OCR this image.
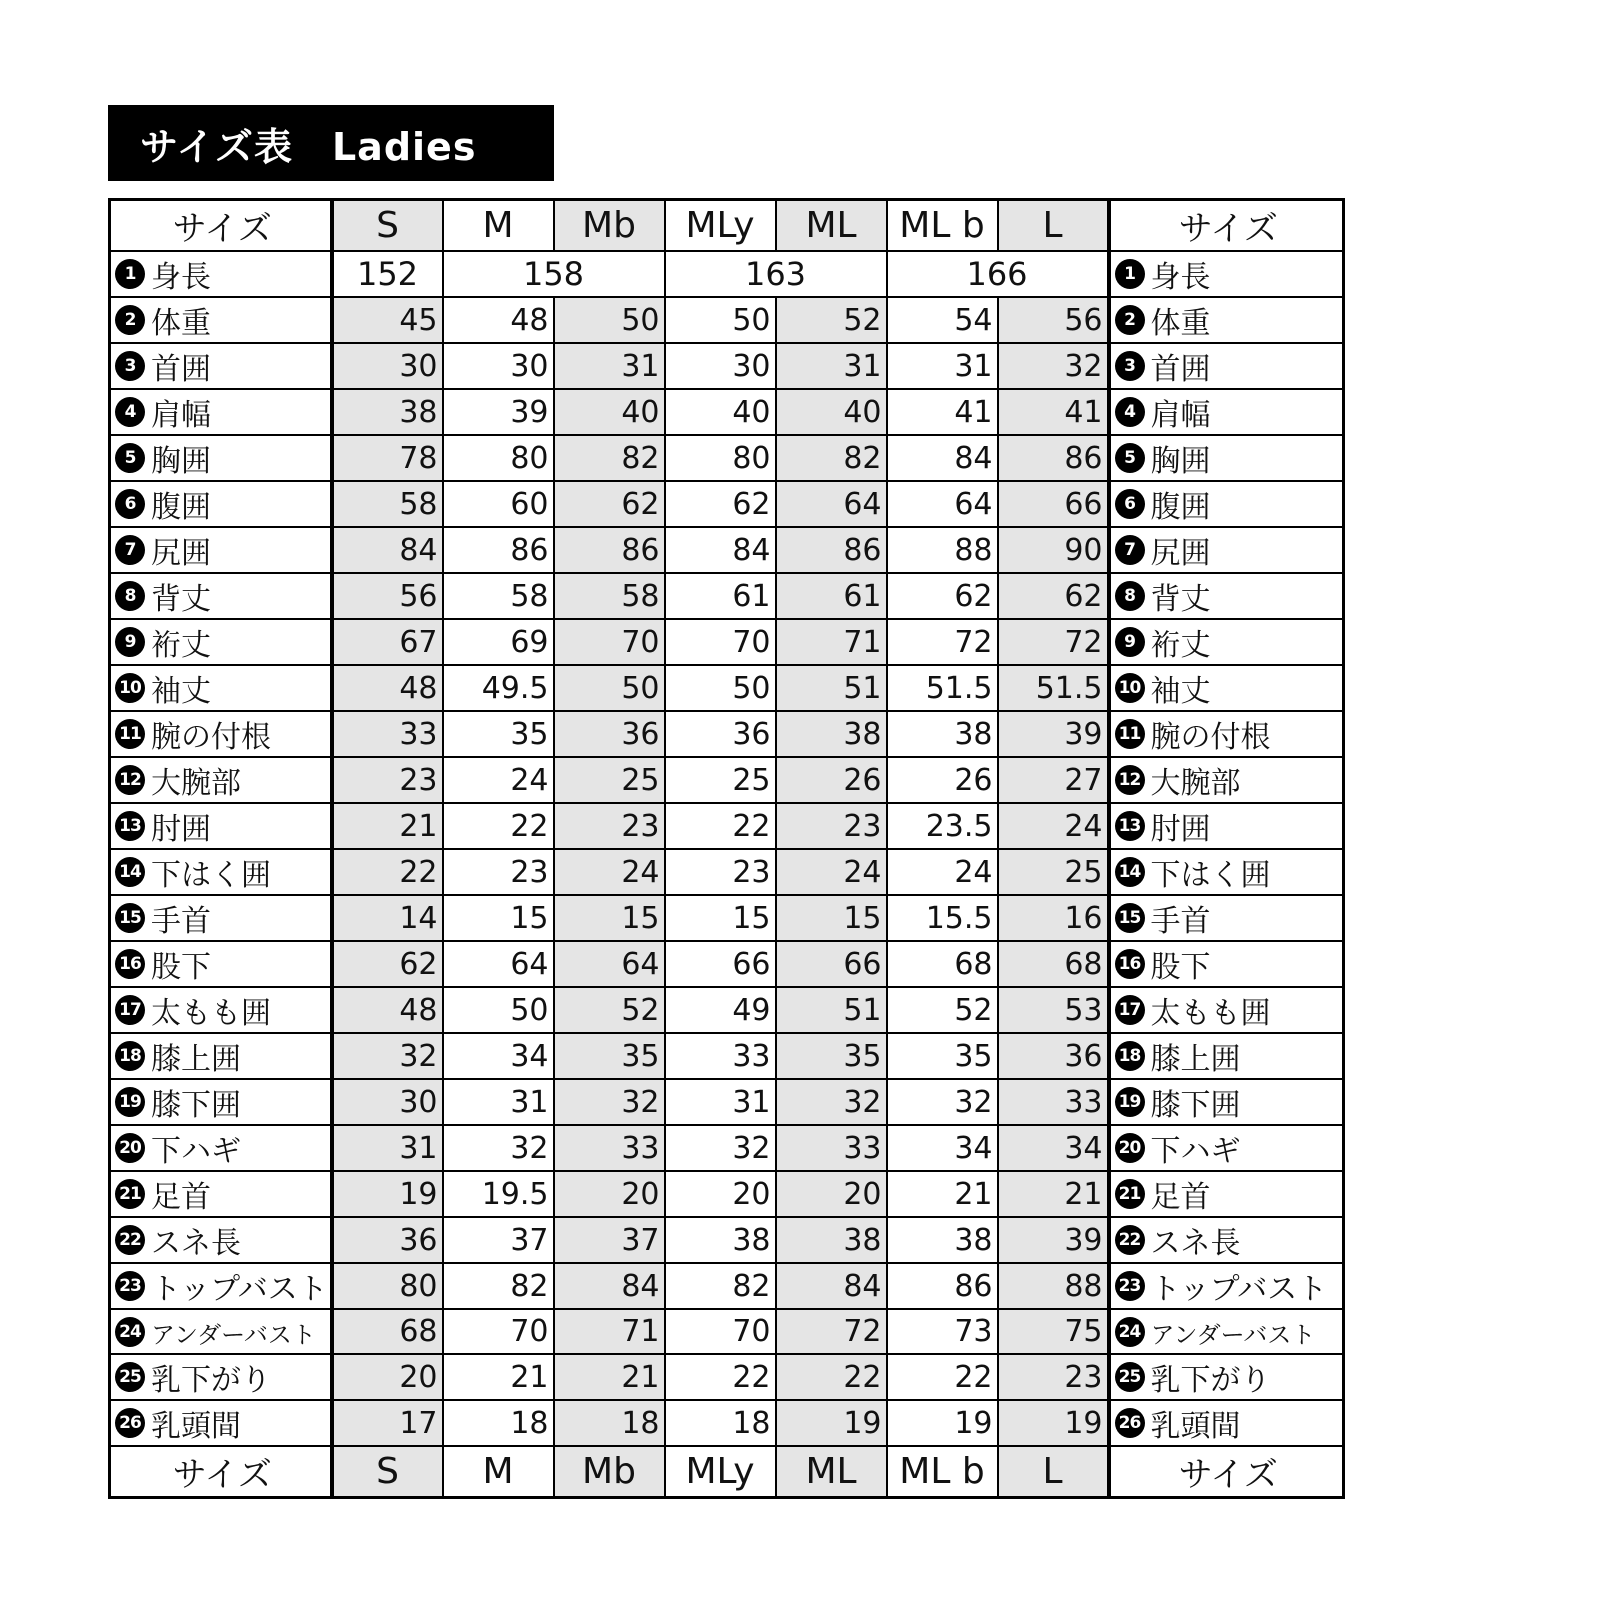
サイズ表　Ladies
サイズ	S	M	Mb	MLy	ML	ML b	L	サイズ
1 身長	152	158		163		166		1 身長
2 体重	45	48	50	50	52	54	56	2 体重
3 首囲	30	30	31	30	31	31	32	3 首囲
4 肩幅	38	39	40	40	40	41	41	4 肩幅
5 胸囲	78	80	82	80	82	84	86	5 胸囲
6 腹囲	58	60	62	62	64	64	66	6 腹囲
7 尻囲	84	86	86	84	86	88	90	7 尻囲
8 背丈	56	58	58	61	61	62	62	8 背丈
9 裄丈	67	69	70	70	71	72	72	9 裄丈
10 袖丈	48	49.5	50	50	51	51.5	51.5	10 袖丈
11 腕の付根	33	35	36	36	38	38	39	11 腕の付根
12 大腕部	23	24	25	25	26	26	27	12 大腕部
13 肘囲	21	22	23	22	23	23.5	24	13 肘囲
14 下はく囲	22	23	24	23	24	24	25	14 下はく囲
15 手首	14	15	15	15	15	15.5	16	15 手首
16 股下	62	64	64	66	66	68	68	16 股下
17 太もも囲	48	50	52	49	51	52	53	17 太もも囲
18 膝上囲	32	34	35	33	35	35	36	18 膝上囲
19 膝下囲	30	31	32	31	32	32	33	19 膝下囲
20 下ハギ	31	32	33	32	33	34	34	20 下ハギ
21 足首	19	19.5	20	20	20	21	21	21 足首
22 スネ長	36	37	37	38	38	38	39	22 スネ長
23 トップバスト	80	82	84	82	84	86	88	23 トップバスト
24 アンダーバスト	68	70	71	70	72	73	75	24 アンダーバスト
25 乳下がり	20	21	21	22	22	22	23	25 乳下がり
26 乳頭間	17	18	18	18	19	19	19	26 乳頭間
サイズ	S	M	Mb	MLy	ML	ML b	L	サイズ
